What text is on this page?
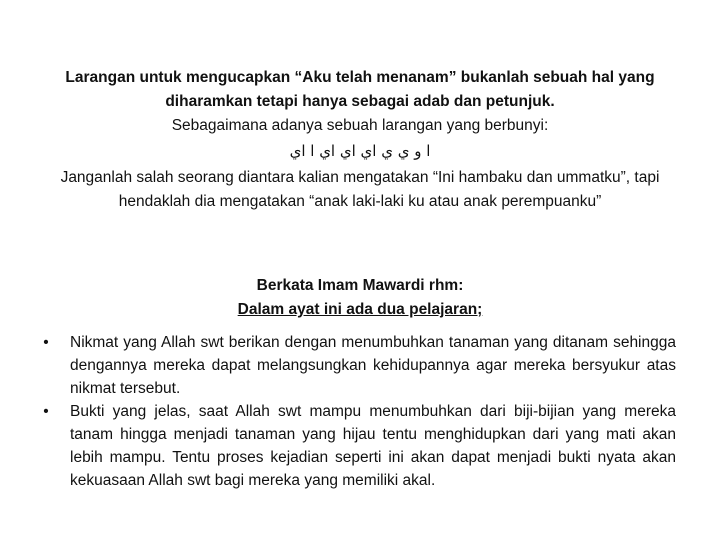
Larangan untuk mengucapkan “Aku telah menanam” bukanlah sebuah hal yang diharamkan tetapi hanya sebagai adab dan petunjuk.
Sebagaimana adanya sebuah larangan yang berbunyi:
ﺍ ﻭ ﻱ ﻱ ﺍﻱ ﺍﻱ ﺍﻱ ﺍ ﺍﻱ
Janganlah salah seorang diantara kalian mengatakan “Ini hambaku dan ummatku”, tapi hendaklah dia mengatakan “anak laki-laki ku atau anak perempuanku”
Berkata Imam Mawardi rhm:
Dalam ayat ini ada dua pelajaran;
• Nikmat yang Allah swt berikan dengan menumbuhkan tanaman yang ditanam sehingga dengannya mereka dapat melangsungkan kehidupannya agar mereka bersyukur atas nikmat tersebut.
• Bukti yang jelas, saat Allah swt mampu menumbuhkan dari biji-bijian yang mereka tanam hingga menjadi tanaman yang hijau tentu menghidupkan dari yang mati akan lebih mampu. Tentu proses kejadian seperti ini akan dapat menjadi bukti nyata akan kekuasaan Allah swt bagi mereka yang memiliki akal.
